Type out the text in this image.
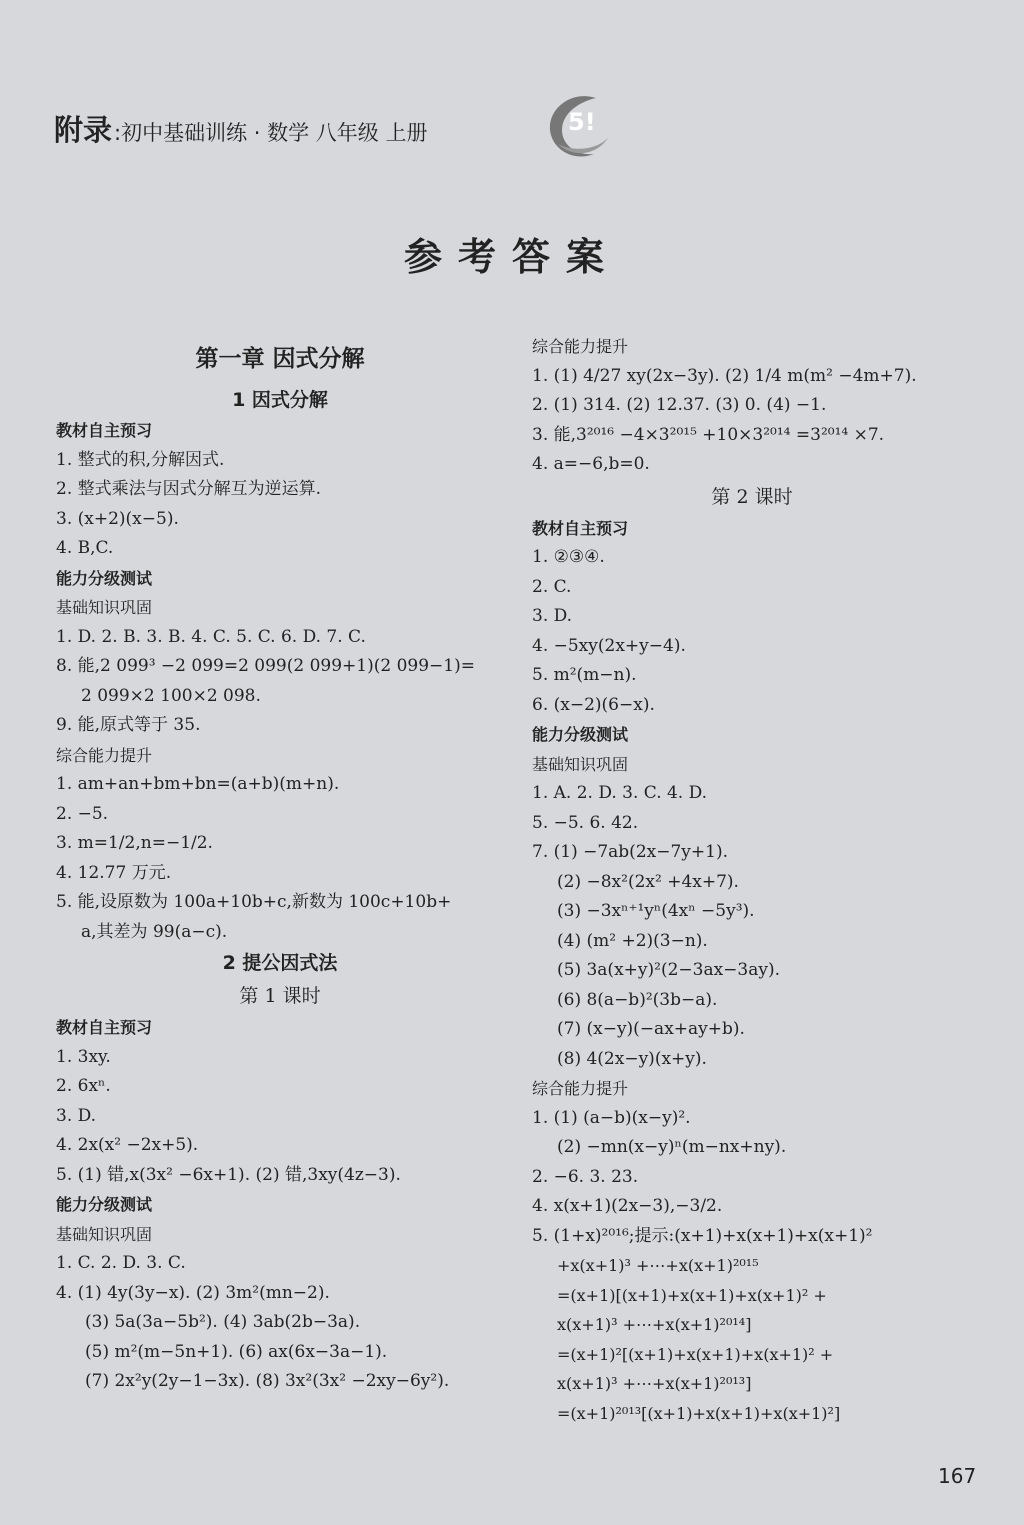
附录 :初中基础训练 · 数学 八年级 上册	5!
参考答案
第一章 因式分解
1 因式分解
教材自主预习
1. 整式的积,分解因式.
2. 整式乘法与因式分解互为逆运算.
3. (x+2)(x−5).
4. B,C.
能力分级测试
基础知识巩固
1. D. 2. B. 3. B. 4. C. 5. C. 6. D. 7. C.
8. 能,2 099³ −2 099=2 099(2 099+1)(2 099−1)=
2 099×2 100×2 098.
9. 能,原式等于 35.
综合能力提升
1. am+an+bm+bn=(a+b)(m+n).
2. −5.
3. m=1/2,n=−1/2.
4. 12.77 万元.
5. 能,设原数为 100a+10b+c,新数为 100c+10b+
a,其差为 99(a−c).
2 提公因式法
第 1 课时
教材自主预习
1. 3xy.
2. 6xⁿ.
3. D.
4. 2x(x² −2x+5).
5. (1) 错,x(3x² −6x+1). (2) 错,3xy(4z−3).
能力分级测试
基础知识巩固
1. C. 2. D. 3. C.
4. (1) 4y(3y−x). (2) 3m²(mn−2).
(3) 5a(3a−5b²). (4) 3ab(2b−3a).
(5) m²(m−5n+1). (6) ax(6x−3a−1).
(7) 2x²y(2y−1−3x). (8) 3x²(3x² −2xy−6y²).
综合能力提升
1. (1) 4/27 xy(2x−3y). (2) 1/4 m(m² −4m+7).
2. (1) 314. (2) 12.37. (3) 0. (4) −1.
3. 能,3²⁰¹⁶ −4×3²⁰¹⁵ +10×3²⁰¹⁴ =3²⁰¹⁴ ×7.
4. a=−6,b=0.
第 2 课时
教材自主预习
1. ②③④.
2. C.
3. D.
4. −5xy(2x+y−4).
5. m²(m−n).
6. (x−2)(6−x).
能力分级测试
基础知识巩固
1. A. 2. D. 3. C. 4. D.
5. −5. 6. 42.
7. (1) −7ab(2x−7y+1).
(2) −8x²(2x² +4x+7).
(3) −3xⁿ⁺¹yⁿ(4xⁿ −5y³).
(4) (m² +2)(3−n).
(5) 3a(x+y)²(2−3ax−3ay).
(6) 8(a−b)²(3b−a).
(7) (x−y)(−ax+ay+b).
(8) 4(2x−y)(x+y).
综合能力提升
1. (1) (a−b)(x−y)².
(2) −mn(x−y)ⁿ(m−nx+ny).
2. −6. 3. 23.
4. x(x+1)(2x−3),−3/2.
5. (1+x)²⁰¹⁶;提示:(x+1)+x(x+1)+x(x+1)²
+x(x+1)³ +⋯+x(x+1)²⁰¹⁵
=(x+1)[(x+1)+x(x+1)+x(x+1)² +
x(x+1)³ +⋯+x(x+1)²⁰¹⁴]
=(x+1)²[(x+1)+x(x+1)+x(x+1)² +
x(x+1)³ +⋯+x(x+1)²⁰¹³]
=(x+1)²⁰¹³[(x+1)+x(x+1)+x(x+1)²]
167
